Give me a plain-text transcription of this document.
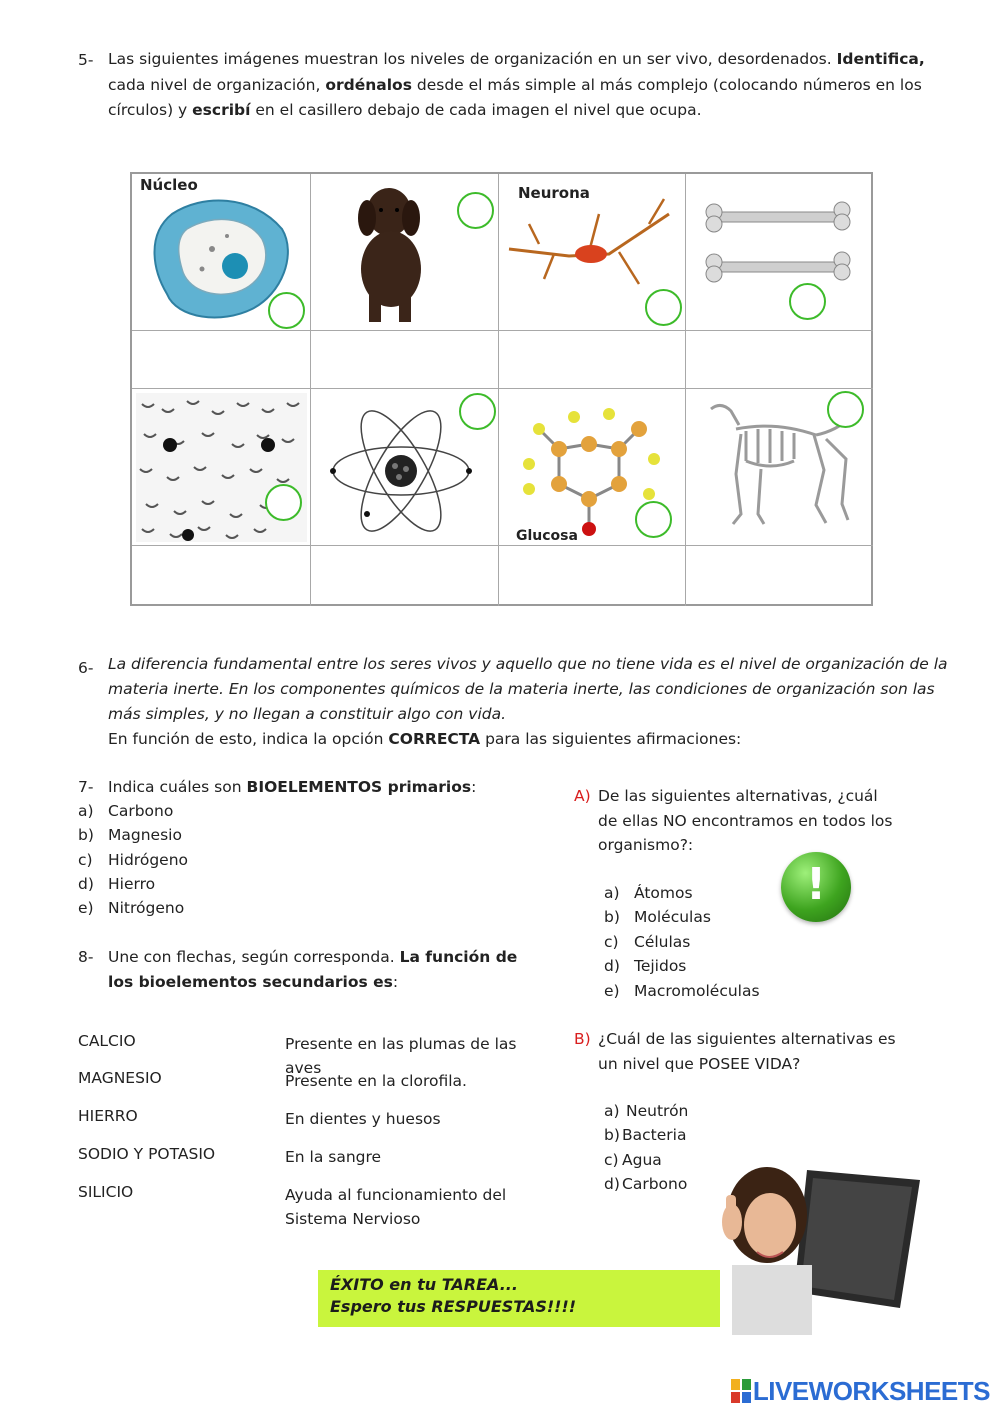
5- Las siguientes imágenes muestran los niveles de organización en un ser vivo, desordenados. Identifica, cada nivel de organización, ordénalos desde el más simple al más complejo (colocando números en los círculos) y escribí en el casillero debajo de cada imagen el nivel que ocupa.
Núcleo	Neurona
Glucosa
6- La diferencia fundamental entre los seres vivos y aquello que no tiene vida es el nivel de organización de la materia inerte. En los componentes químicos de la materia inerte, las condiciones de organización son las más simples, y no llegan a constituir algo con vida.
En función de esto, indica la opción CORRECTA para las siguientes afirmaciones:
7- Indica cuáles son BIOELEMENTOS primarios:
a) Carbono
b) Magnesio
c) Hidrógeno
d) Hierro
e) Nitrógeno
8- Une con flechas, según corresponda. La función de los bioelementos secundarios es:
CALCIO	Presente en las plumas de las aves
MAGNESIO	Presente en la clorofila.
HIERRO	En dientes y huesos
SODIO Y POTASIO	En la sangre
SILICIO	Ayuda al funcionamiento del Sistema Nervioso
A) De las siguientes alternativas, ¿cuál de ellas NO encontramos en todos los organismo?:
a) Átomos
b) Moléculas
c) Células
d) Tejidos
e) Macromoléculas
!
B) ¿Cuál de las siguientes alternativas es un nivel que POSEE VIDA?
a) Neutrón
b) Bacteria
c) Agua
d) Carbono
ÉXITO en tu TAREA...
Espero tus RESPUESTAS!!!!
LIVEWORKSHEETS
